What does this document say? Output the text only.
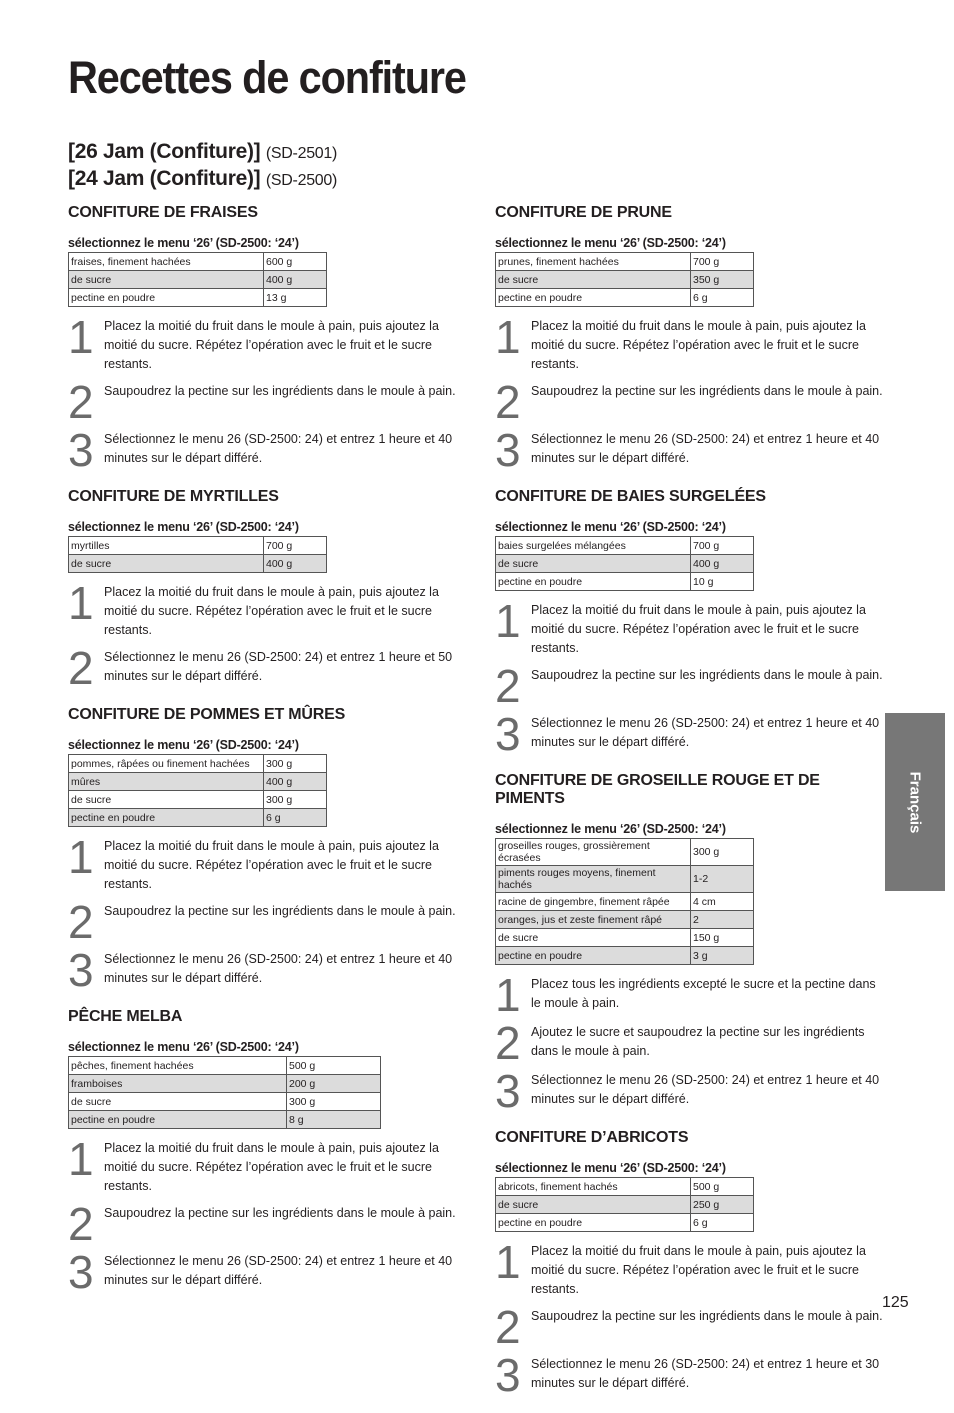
Recettes de confiture
[26 Jam (Confiture)] (SD-2501)
[24 Jam (Confiture)] (SD-2500)
CONFITURE DE FRAISES
sélectionnez le menu ‘26’ (SD-2500: ‘24’)
fraises, finement hachées	600 g
de sucre	400 g
pectine en poudre	13 g
1 Placez la moitié du fruit dans le moule à pain, puis ajoutez la moitié du sucre. Répétez l’opération avec le fruit et le sucre restants.
2 Saupoudrez la pectine sur les ingrédients dans le moule à pain.
3 Sélectionnez le menu 26 (SD-2500: 24) et entrez 1 heure et 40 minutes sur le départ différé.
CONFITURE DE MYRTILLES
sélectionnez le menu ‘26’ (SD-2500: ‘24’)
myrtilles	700 g
de sucre	400 g
1 Placez la moitié du fruit dans le moule à pain, puis ajoutez la moitié du sucre. Répétez l’opération avec le fruit et le sucre restants.
2 Sélectionnez le menu 26 (SD-2500: 24) et entrez 1 heure et 50 minutes sur le départ différé.
CONFITURE DE POMMES ET MÛRES
sélectionnez le menu ‘26’ (SD-2500: ‘24’)
pommes, râpées ou finement hachées	300 g
mûres	400 g
de sucre	300 g
pectine en poudre	6 g
1 Placez la moitié du fruit dans le moule à pain, puis ajoutez la moitié du sucre. Répétez l’opération avec le fruit et le sucre restants.
2 Saupoudrez la pectine sur les ingrédients dans le moule à pain.
3 Sélectionnez le menu 26 (SD-2500: 24) et entrez 1 heure et 40 minutes sur le départ différé.
PÊCHE MELBA
sélectionnez le menu ‘26’ (SD-2500: ‘24’)
pêches, finement hachées	500 g
framboises	200 g
de sucre	300 g
pectine en poudre	8 g
1 Placez la moitié du fruit dans le moule à pain, puis ajoutez la moitié du sucre. Répétez l’opération avec le fruit et le sucre restants.
2 Saupoudrez la pectine sur les ingrédients dans le moule à pain.
3 Sélectionnez le menu 26 (SD-2500: 24) et entrez 1 heure et 40 minutes sur le départ différé.
CONFITURE DE PRUNE
sélectionnez le menu ‘26’ (SD-2500: ‘24’)
prunes, finement hachées	700 g
de sucre	350 g
pectine en poudre	6 g
1 Placez la moitié du fruit dans le moule à pain, puis ajoutez la moitié du sucre. Répétez l’opération avec le fruit et le sucre restants.
2 Saupoudrez la pectine sur les ingrédients dans le moule à pain.
3 Sélectionnez le menu 26 (SD-2500: 24) et entrez 1 heure et 40 minutes sur le départ différé.
CONFITURE DE BAIES SURGELÉES
sélectionnez le menu ‘26’ (SD-2500: ‘24’)
baies surgelées mélangées	700 g
de sucre	400 g
pectine en poudre	10 g
1 Placez la moitié du fruit dans le moule à pain, puis ajoutez la moitié du sucre. Répétez l’opération avec le fruit et le sucre restants.
2 Saupoudrez la pectine sur les ingrédients dans le moule à pain.
3 Sélectionnez le menu 26 (SD-2500: 24) et entrez 1 heure et 40 minutes sur le départ différé.
CONFITURE DE GROSEILLE ROUGE ET DE PIMENTS
sélectionnez le menu ‘26’ (SD-2500: ‘24’)
groseilles rouges, grossièrement écrasées	300 g
piments rouges moyens, finement hachés	1-2
racine de gingembre, finement râpée	4 cm
oranges, jus et zeste finement râpé	2
de sucre	150 g
pectine en poudre	3 g
1 Placez tous les ingrédients excepté le sucre et la pectine dans le moule à pain.
2 Ajoutez le sucre et saupoudrez la pectine sur les ingrédients dans le moule à pain.
3 Sélectionnez le menu 26 (SD-2500: 24) et entrez 1 heure et 40 minutes sur le départ différé.
CONFITURE D’ABRICOTS
sélectionnez le menu ‘26’ (SD-2500: ‘24’)
abricots, finement hachés	500 g
de sucre	250 g
pectine en poudre	6 g
1 Placez la moitié du fruit dans le moule à pain, puis ajoutez la moitié du sucre. Répétez l’opération avec le fruit et le sucre restants.
2 Saupoudrez la pectine sur les ingrédients dans le moule à pain.
3 Sélectionnez le menu 26 (SD-2500: 24) et entrez 1 heure et 30 minutes sur le départ différé.
Français
125
